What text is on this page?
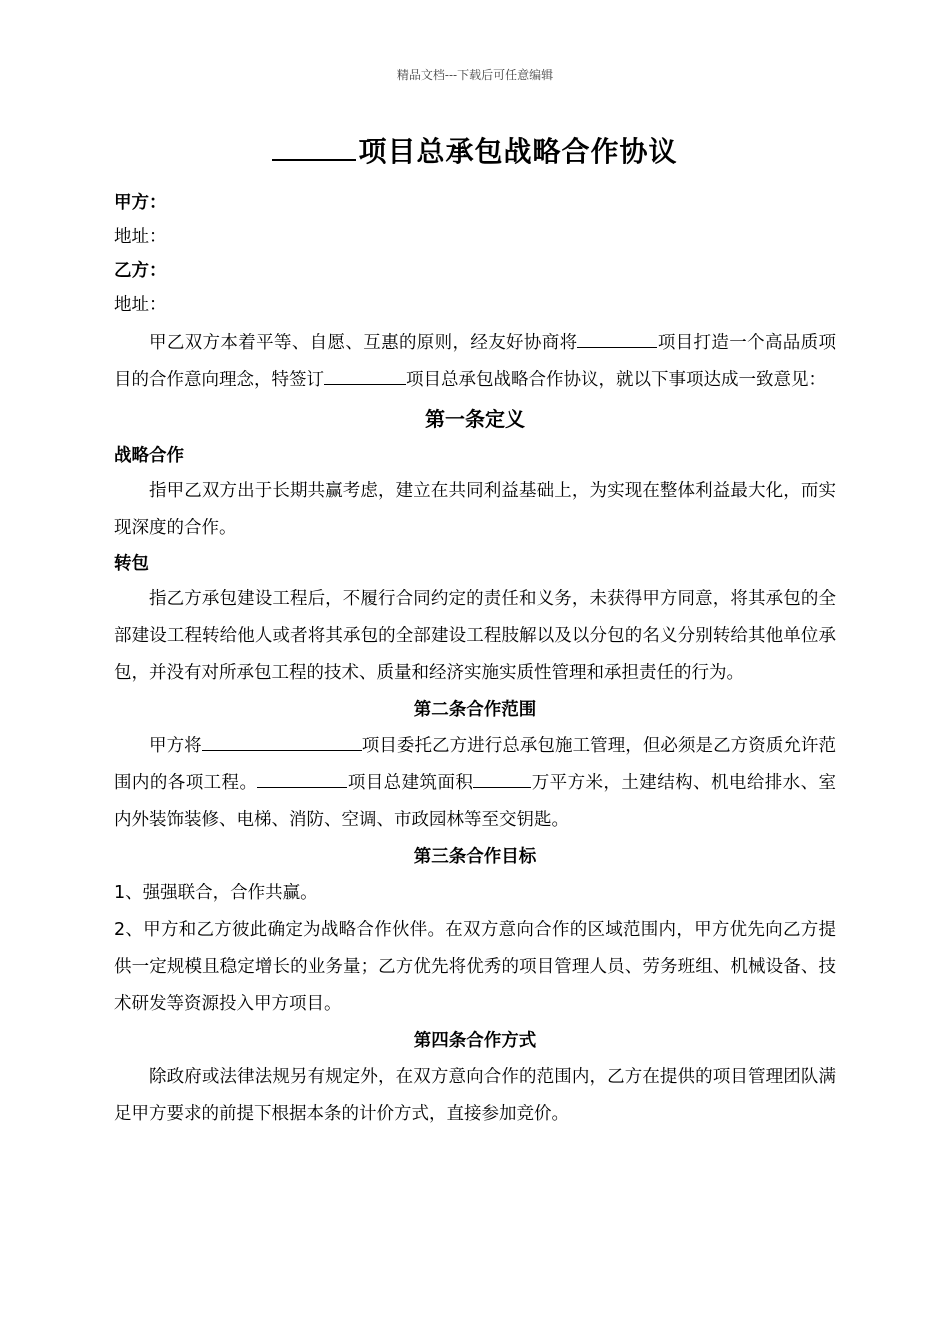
精品文档---下载后可任意编辑
项目总承包战略合作协议
甲方：
地址：
乙方：
地址：

甲乙双方本着平等、自愿、互惠的原则，经友好协商将	项目打造一个高品质项目的合作意向理念，特签订	项目总承包战略合作协议，就以下事项达成一致意见：

第一条定义
战略合作

指甲乙双方出于长期共赢考虑，建立在共同利益基础上，为实现在整体利益最大化，而实现深度的合作。

转包

指乙方承包建设工程后，不履行合同约定的责任和义务，未获得甲方同意，将其承包的全部建设工程转给他人或者将其承包的全部建设工程肢解以及以分包的名义分别转给其他单位承包，并没有对所承包工程的技术、质量和经济实施实质性管理和承担责任的行为。

第二条合作范围

甲方将	项目委托乙方进行总承包施工管理，但必须是乙方资质允许范围内的各项工程。	项目总建筑面积	万平方米，土建结构、机电给排水、室内外装饰装修、电梯、消防、空调、市政园林等至交钥匙。

第三条合作目标

1、强强联合，合作共赢。

2、甲方和乙方彼此确定为战略合作伙伴。在双方意向合作的区域范围内，甲方优先向乙方提供一定规模且稳定增长的业务量；乙方优先将优秀的项目管理人员、劳务班组、机械设备、技术研发等资源投入甲方项目。

第四条合作方式

除政府或法律法规另有规定外，在双方意向合作的范围内，乙方在提供的项目管理团队满足甲方要求的前提下根据本条的计价方式，直接参加竞价。
